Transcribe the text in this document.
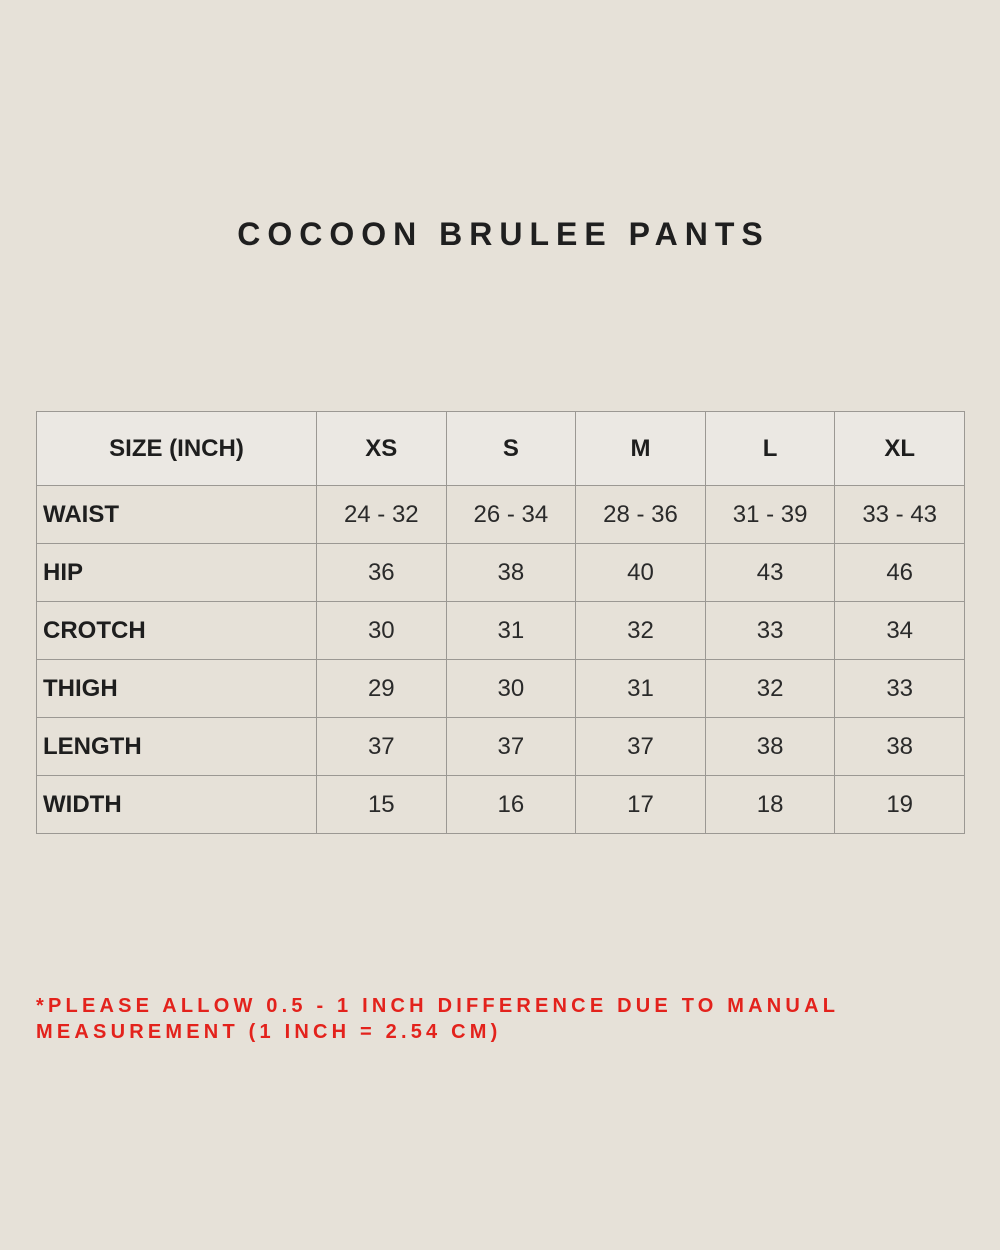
COCOON BRULEE PANTS
SIZE (INCH)	XS	S	M	L	XL
WAIST	24 - 32	26 - 34	28 - 36	31 - 39	33 - 43
HIP	36	38	40	43	46
CROTCH	30	31	32	33	34
THIGH	29	30	31	32	33
LENGTH	37	37	37	38	38
WIDTH	15	16	17	18	19

*PLEASE ALLOW 0.5 - 1 INCH DIFFERENCE DUE TO MANUAL
MEASUREMENT (1 INCH = 2.54 CM)
